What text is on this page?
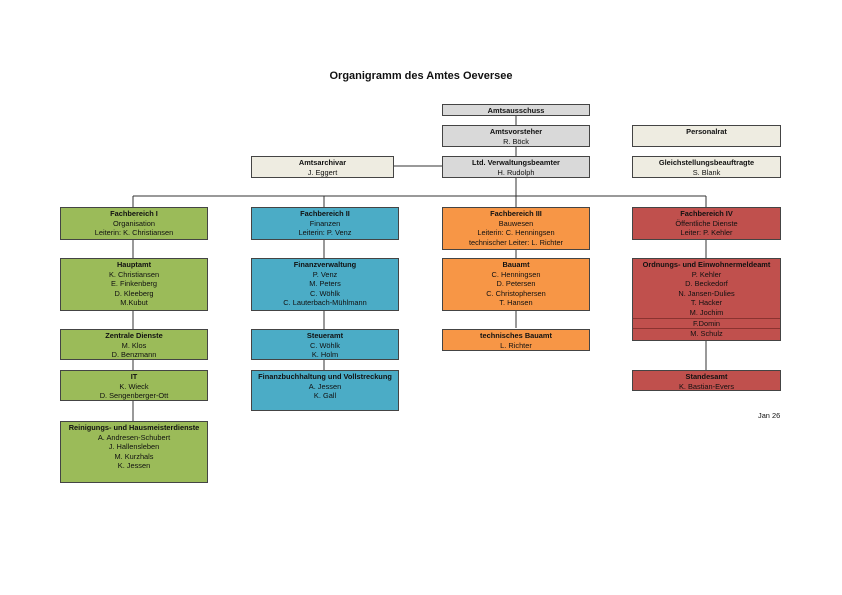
Organigramm des Amtes Oeversee
Amtsausschuss
Amtsvorsteher
R. Böck
Personalrat
Amtsarchivar
J. Eggert
Ltd. Verwaltungsbeamter
H. Rudolph
Gleichstellungsbeauftragte
S. Blank
Fachbereich I
Organisation
Leiterin: K. Christiansen
Hauptamt
K. Christiansen
E. Finkenberg
D. Kleeberg
M.Kubut
Zentrale Dienste
M. Klos
D. Benzmann
IT
K. Wieck
D. Sengenberger-Ott
Reinigungs- und Hausmeisterdienste
A. Andresen-Schubert
J. Hallensleben
M. Kurzhals
K. Jessen
Fachbereich II
Finanzen
Leiterin: P. Venz
Finanzverwaltung
P. Venz
M. Peters
C. Wöhlk
C. Lauterbach-Mühlmann
Steueramt
C. Wöhlk
K. Holm
Finanzbuchhaltung und Vollstreckung
A. Jessen
K. Gall
Fachbereich III
Bauwesen
Leiterin: C. Henningsen
technischer Leiter: L. Richter
Bauamt
C. Henningsen
D. Petersen
C. Christophersen
T. Hansen
technisches Bauamt
L. Richter
Fachbereich IV
Öffentliche Dienste
Leiter: P. Kehler
Ordnungs- und Einwohnermeldeamt
P. Kehler
D. Beckedorf
N. Jansen-Dulies
T. Hacker
M. Jochim
F.Domin
M. Schulz
Standesamt
K. Bastian-Evers
Jan 26
